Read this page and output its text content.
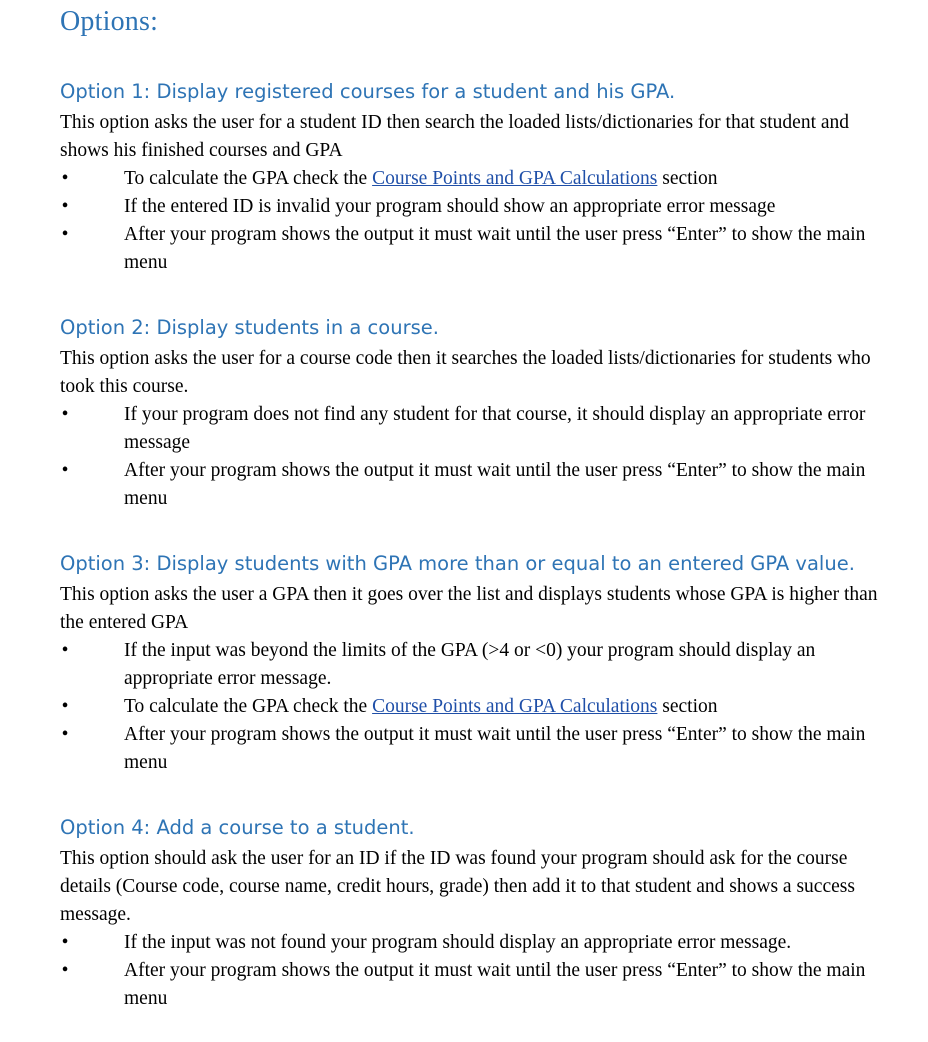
Options:
Option 1: Display registered courses for a student and his GPA.

This option asks the user for a student ID then search the loaded lists/dictionaries for that student and shows his finished courses and GPA

•	To calculate the GPA check the Course Points and GPA Calculations section
•	If the entered ID is invalid your program should show an appropriate error message
•	After your program shows the output it must wait until the user press “Enter” to show the main menu
Option 2: Display students in a course.

This option asks the user for a course code then it searches the loaded lists/dictionaries for students who took this course.

•	If your program does not find any student for that course, it should display an appropriate error message
•	After your program shows the output it must wait until the user press “Enter” to show the main menu
Option 3: Display students with GPA more than or equal to an entered GPA value.

This option asks the user a GPA then it goes over the list and displays students whose GPA is higher than the entered GPA

•	If the input was beyond the limits of the GPA (>4 or <0) your program should display an appropriate error message.
•	To calculate the GPA check the Course Points and GPA Calculations section
•	After your program shows the output it must wait until the user press “Enter” to show the main menu
Option 4: Add a course to a student.

This option should ask the user for an ID if the ID was found your program should ask for the course details (Course code, course name, credit hours, grade) then add it to that student and shows a success message.

•	If the input was not found your program should display an appropriate error message.
•	After your program shows the output it must wait until the user press “Enter” to show the main menu
